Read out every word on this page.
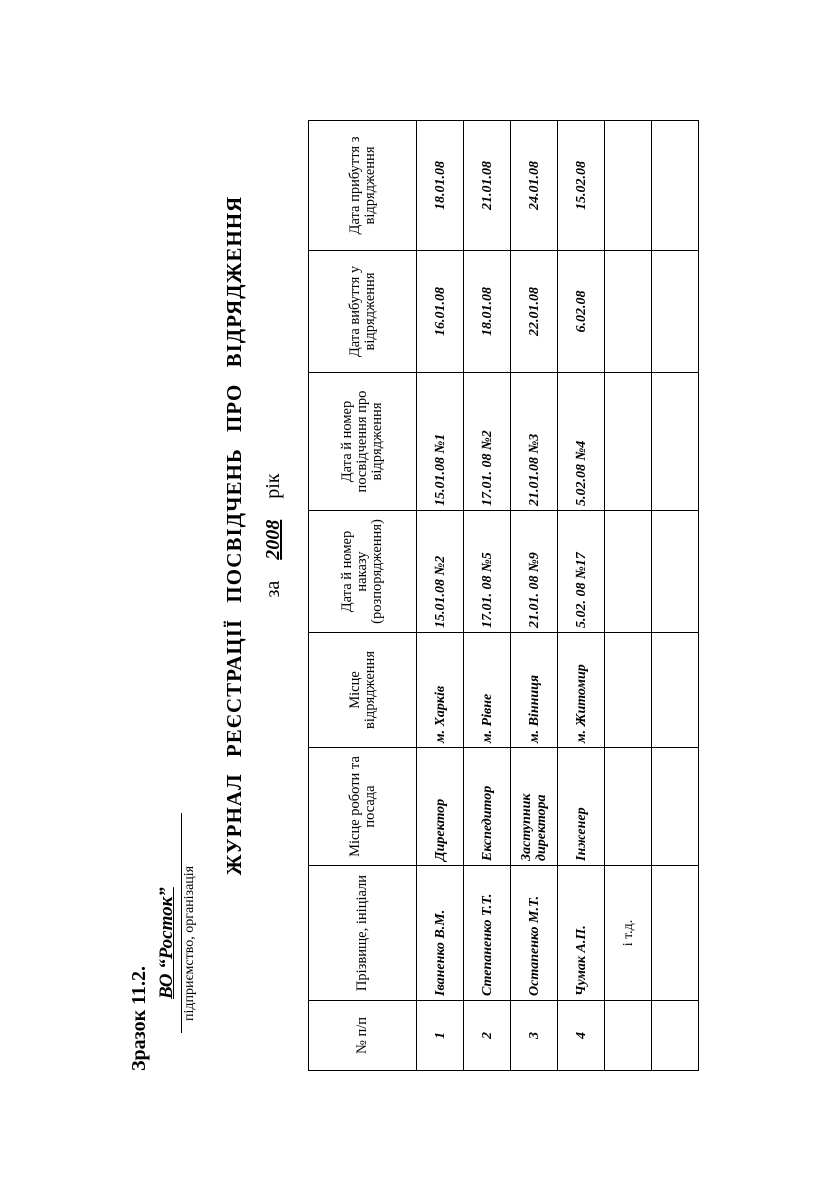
Зразок 11.2.
ВО “Росток” підприємство, організація
ЖУРНАЛ РЕЄСТРАЦІЇ ПОСВІДЧЕНЬ ПРО ВІДРЯДЖЕННЯ за 2008 рік
№ п/п	Прізвище, ініціали	Місце роботи та посада	Місце відрядження	Дата й номер наказу (розпорядження)	Дата й номер посвідчення про відрядження	Дата вибуття у відрядження	Дата прибуття з відрядження
1	Іваненко В.М.	Директор	м. Харків	15.01.08 №2	15.01.08 №1	16.01.08	18.01.08
2	Степаненко Т.Т.	Експедитор	м. Рівне	17.01. 08 №5	17.01. 08 №2	18.01.08	21.01.08
3	Остапенко М.Т.	Заступник директора	м. Вінниця	21.01. 08 №9	21.01.08 №3	22.01.08	24.01.08
4	Чумак А.П.	Інженер	м. Житомир	5.02. 08 №17	5.02.08 №4	6.02.08	15.02.08
	і т.д.						
